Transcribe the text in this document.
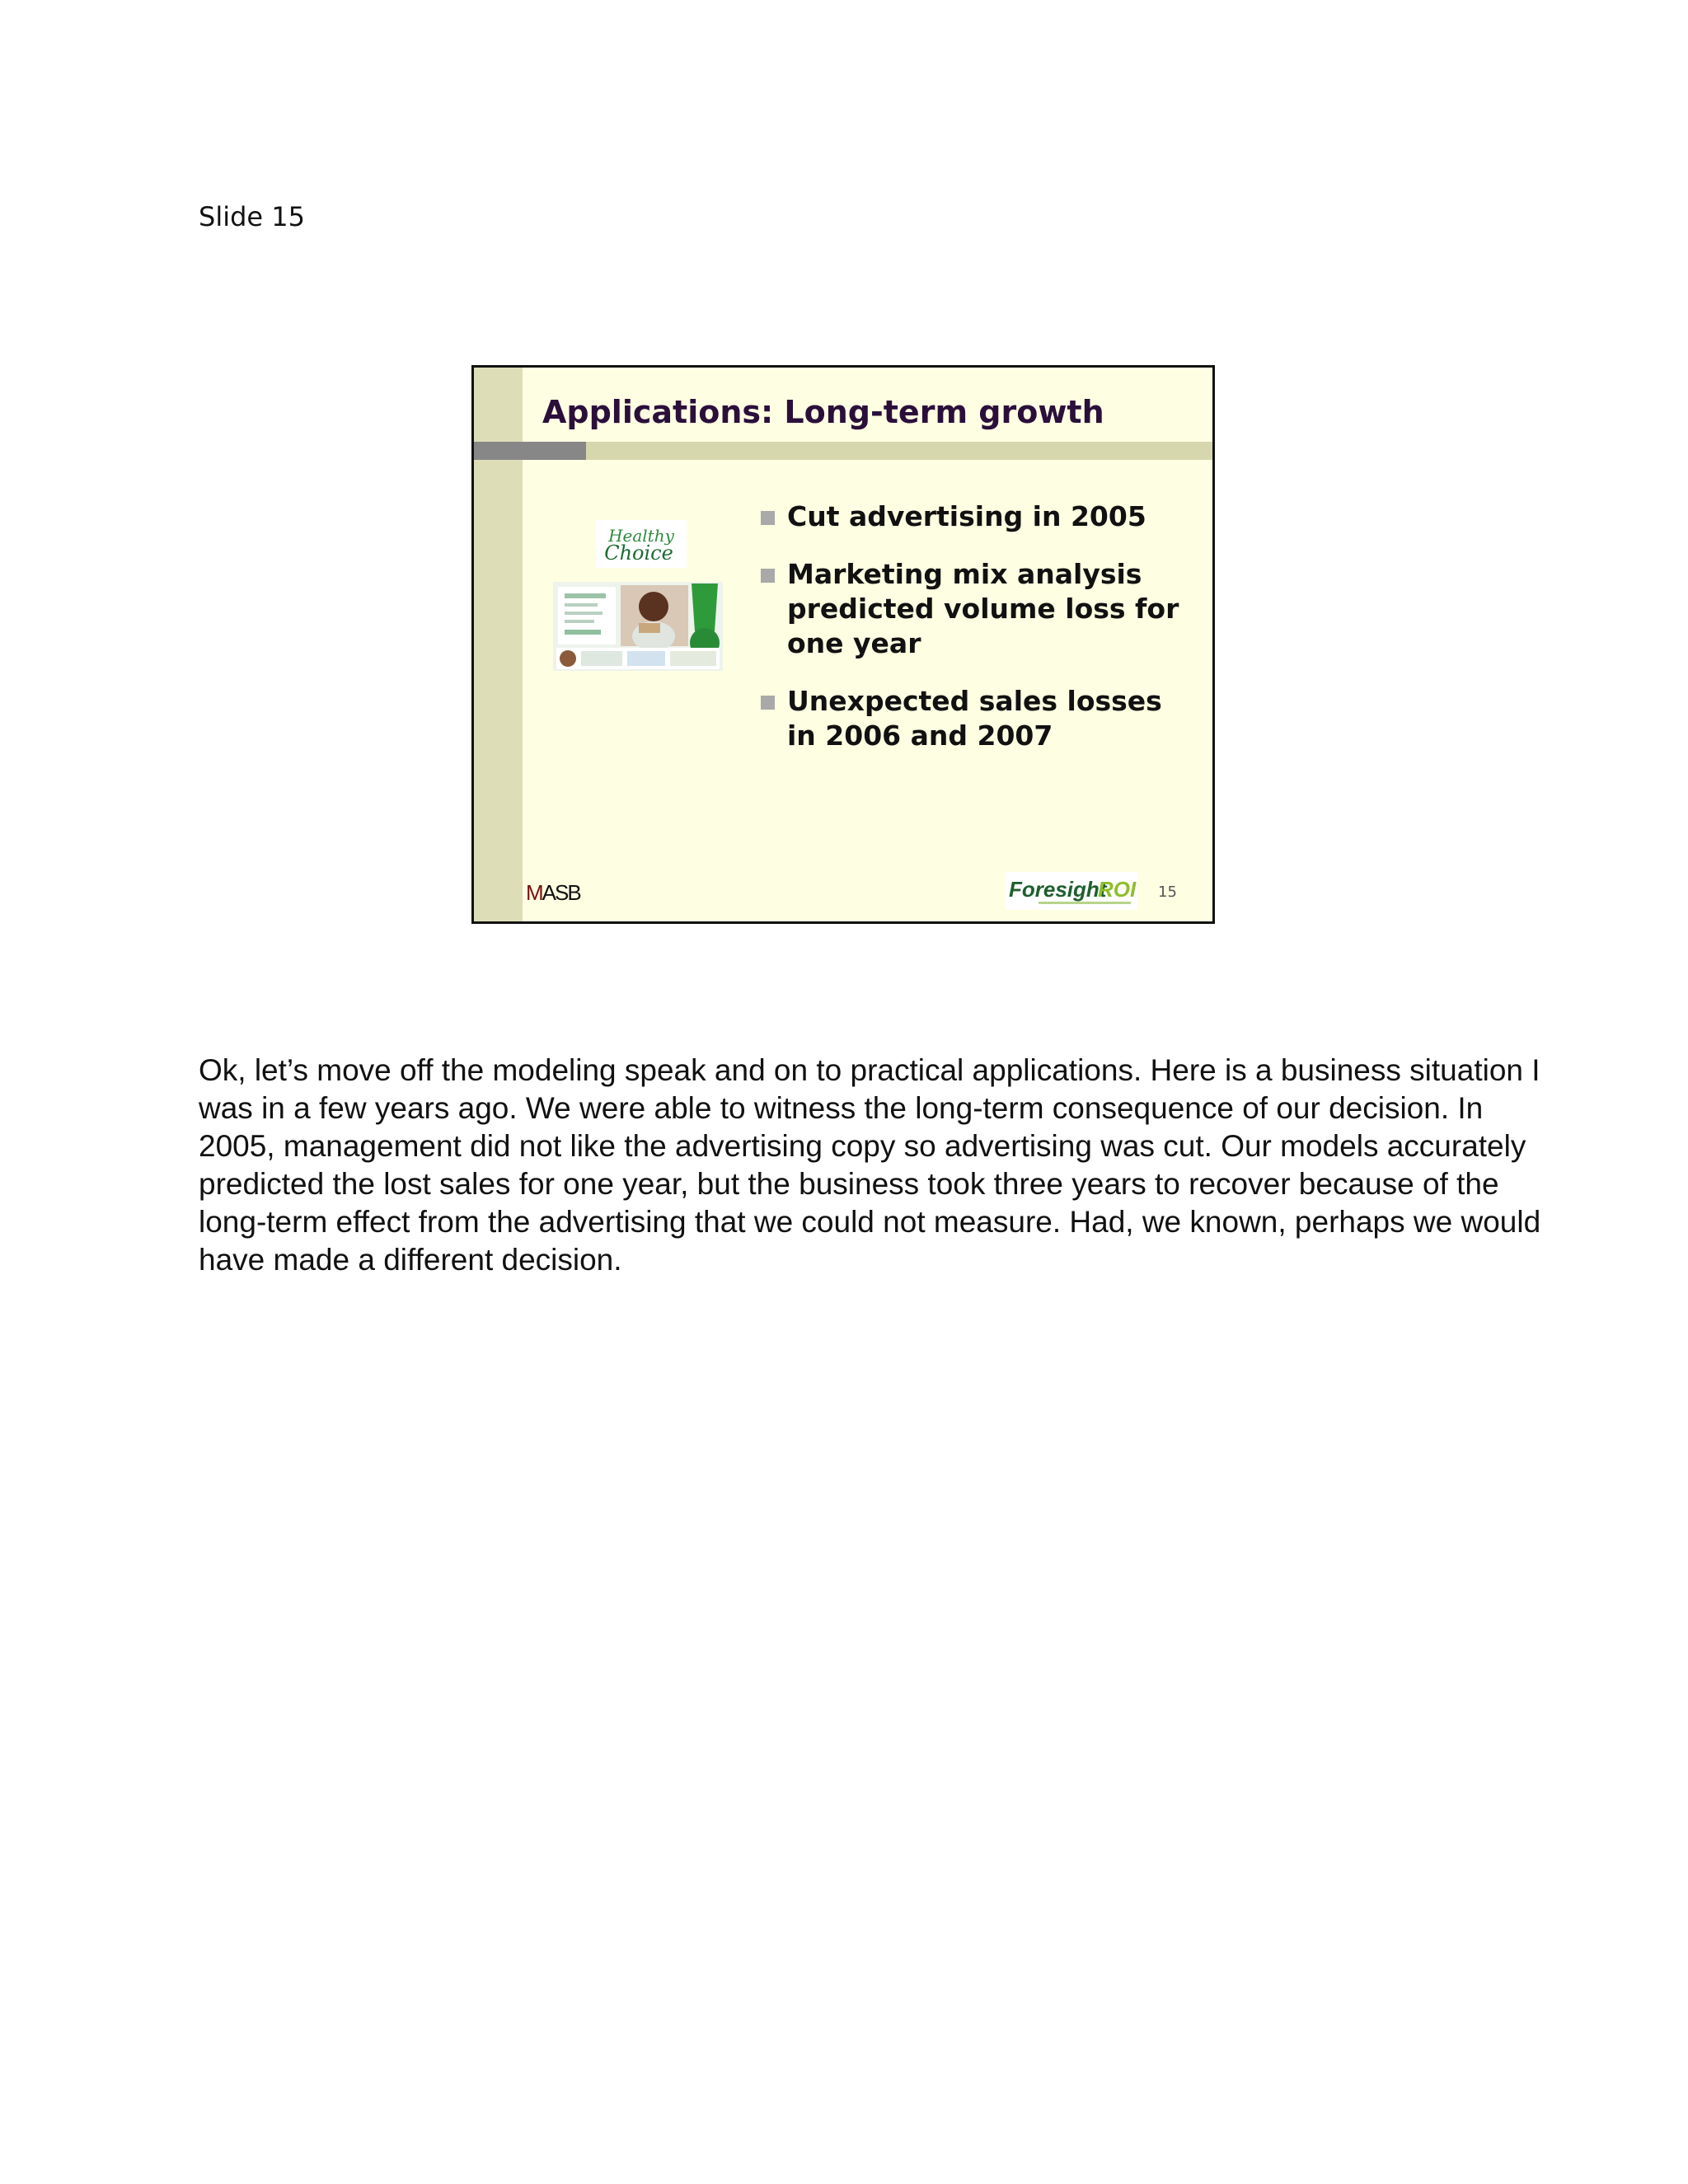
Slide 15
Applications: Long-term growth
Healthy
Choice
Cut advertising in 2005
Marketing mix analysis predicted volume loss for one year
Unexpected sales losses in 2006 and 2007
MASB	Foresight
ROI 15

Ok, let’s move off the modeling speak and on to practical applications. Here is a business situation I was in a few years ago. We were able to witness the long-term consequence of our decision. In 2005, management did not like the advertising copy so advertising was cut. Our models accurately predicted the lost sales for one year, but the business took three years to recover because of the long-term effect from the advertising that we could not measure. Had, we known, perhaps we would have made a different decision.
